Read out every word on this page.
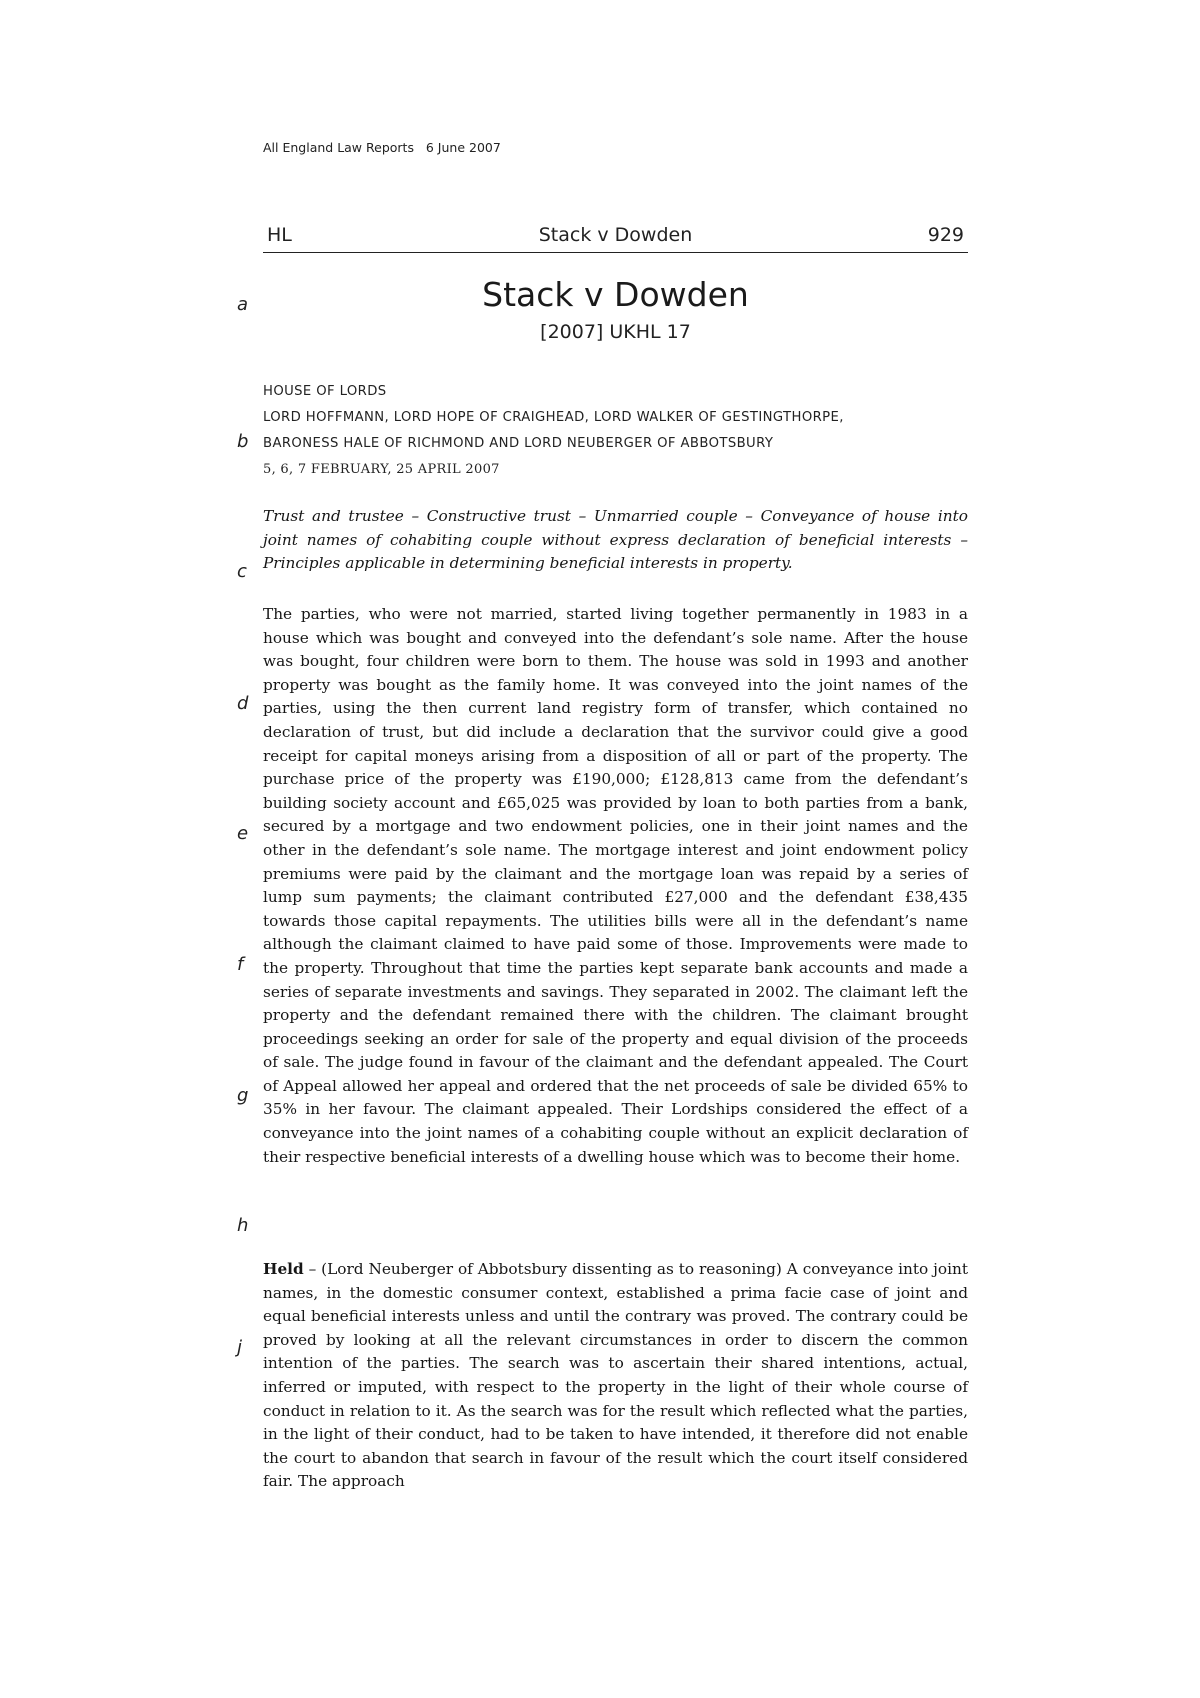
All England Law Reports   6 June 2007
HL	Stack v Dowden	929
Stack v Dowden
[2007] UKHL 17
HOUSE OF LORDS
LORD HOFFMANN, LORD HOPE OF CRAIGHEAD, LORD WALKER OF GESTINGTHORPE,
BARONESS HALE OF RICHMOND AND LORD NEUBERGER OF ABBOTSBURY
5, 6, 7 FEBRUARY, 25 APRIL 2007
Trust and trustee – Constructive trust – Unmarried couple – Conveyance of house into joint names of cohabiting couple without express declaration of beneficial interests – Principles applicable in determining beneficial interests in property.
The parties, who were not married, started living together permanently in 1983 in a house which was bought and conveyed into the defendant’s sole name. After the house was bought, four children were born to them. The house was sold in 1993 and another property was bought as the family home. It was conveyed into the joint names of the parties, using the then current land registry form of transfer, which contained no declaration of trust, but did include a declaration that the survivor could give a good receipt for capital moneys arising from a disposition of all or part of the property. The purchase price of the property was £190,000; £128,813 came from the defendant’s building society account and £65,025 was provided by loan to both parties from a bank, secured by a mortgage and two endowment policies, one in their joint names and the other in the defendant’s sole name. The mortgage interest and joint endowment policy premiums were paid by the claimant and the mortgage loan was repaid by a series of lump sum payments; the claimant contributed £27,000 and the defendant £38,435 towards those capital repayments. The utilities bills were all in the defendant’s name although the claimant claimed to have paid some of those. Improvements were made to the property. Throughout that time the parties kept separate bank accounts and made a series of separate investments and savings. They separated in 2002. The claimant left the property and the defendant remained there with the children. The claimant brought proceedings seeking an order for sale of the property and equal division of the proceeds of sale. The judge found in favour of the claimant and the defendant appealed. The Court of Appeal allowed her appeal and ordered that the net proceeds of sale be divided 65% to 35% in her favour. The claimant appealed. Their Lordships considered the effect of a conveyance into the joint names of a cohabiting couple without an explicit declaration of their respective beneficial interests of a dwelling house which was to become their home.
Held – (Lord Neuberger of Abbotsbury dissenting as to reasoning) A conveyance into joint names, in the domestic consumer context, established a prima facie case of joint and equal beneficial interests unless and until the contrary was proved. The contrary could be proved by looking at all the relevant circumstances in order to discern the common intention of the parties. The search was to ascertain their shared intentions, actual, inferred or imputed, with respect to the property in the light of their whole course of conduct in relation to it. As the search was for the result which reflected what the parties, in the light of their conduct, had to be taken to have intended, it therefore did not enable the court to abandon that search in favour of the result which the court itself considered fair. The approach
a
b
c
d
e
f
g
h
j
